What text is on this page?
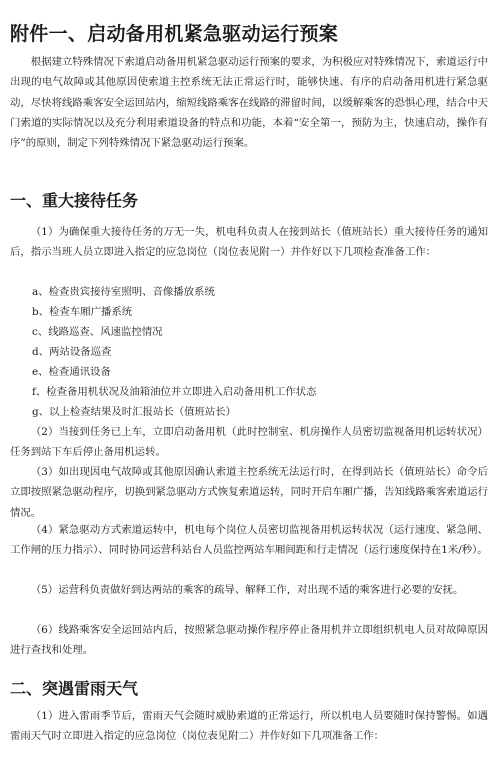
附件一、启动备用机紧急驱动运行预案

根据建立特殊情况下索道启动备用机紧急驱动运行预案的要求，为积极应对特殊情况下，索道运行中出现的电气故障或其他原因使索道主控系统无法正常运行时，能够快速、有序的启动备用机进行紧急驱动，尽快将线路乘客安全运回站内，缩短线路乘客在线路的滞留时间，以缓解乘客的恐惧心理，结合中天门索道的实际情况以及充分利用索道设备的特点和功能，本着“安全第一，预防为主，快速启动，操作有序”的原则，制定下列特殊情况下紧急驱动运行预案。

一、重大接待任务

（1）为确保重大接待任务的万无一失，机电科负责人在接到站长（值班站长）重大接待任务的通知后，指示当班人员立即进入指定的应急岗位（岗位表见附一）并作好以下几项检查准备工作：

a、检查贵宾接待室照明、音像播放系统

b、检查车厢广播系统

c、线路巡查、风速监控情况

d、两站设备巡查

e、检查通讯设备

f、检查备用机状况及油箱油位并立即进入启动备用机工作状态

g、以上检查结果及时汇报站长（值班站长）

（2）当接到任务已上车，立即启动备用机（此时控制室、机房操作人员密切监视备用机运转状况）任务到站下车后停止备用机运转。

（3）如出现因电气故障或其他原因确认索道主控系统无法运行时，在得到站长（值班站长）命令后立即按照紧急驱动程序，切换到紧急驱动方式恢复索道运转，同时开启车厢广播，告知线路乘客索道运行情况。

（4）紧急驱动方式索道运转中，机电每个岗位人员密切监视备用机运转状况（运行速度、紧急闸、工作闸的压力指示）、同时协同运营科站台人员监控两站车厢间距和行走情况（运行速度保持在1米/秒）。

（5）运营科负责做好到达两站的乘客的疏导、解释工作，对出现不适的乘客进行必要的安抚。

（6）线路乘客安全运回站内后，按照紧急驱动操作程序停止备用机并立即组织机电人员对故障原因进行查找和处理。

二、突遇雷雨天气

（1）进入雷雨季节后，雷雨天气会随时威胁索道的正常运行，所以机电人员要随时保持警惕。如遇雷雨天气时立即进入指定的应急岗位（岗位表见附二）并作好如下几项准备工作：
